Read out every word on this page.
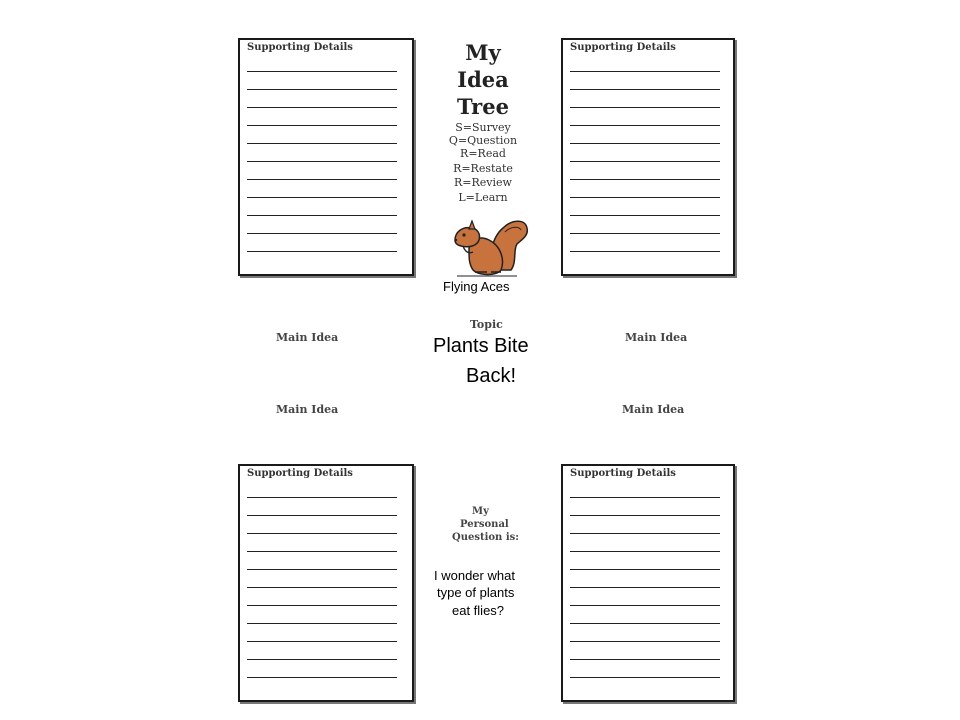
Supporting Details	Supporting Details
Supporting Details	Supporting Details
My
Idea
Tree
S=Survey
Q=Question
R=Read
R=Restate
R=Review
L=Learn
Flying Aces
Topic
Plants Bite
Back!
Main Idea	Main Idea
Main Idea	Main Idea
My
Personal
Question is:
I wonder what
type of plants
eat flies?
